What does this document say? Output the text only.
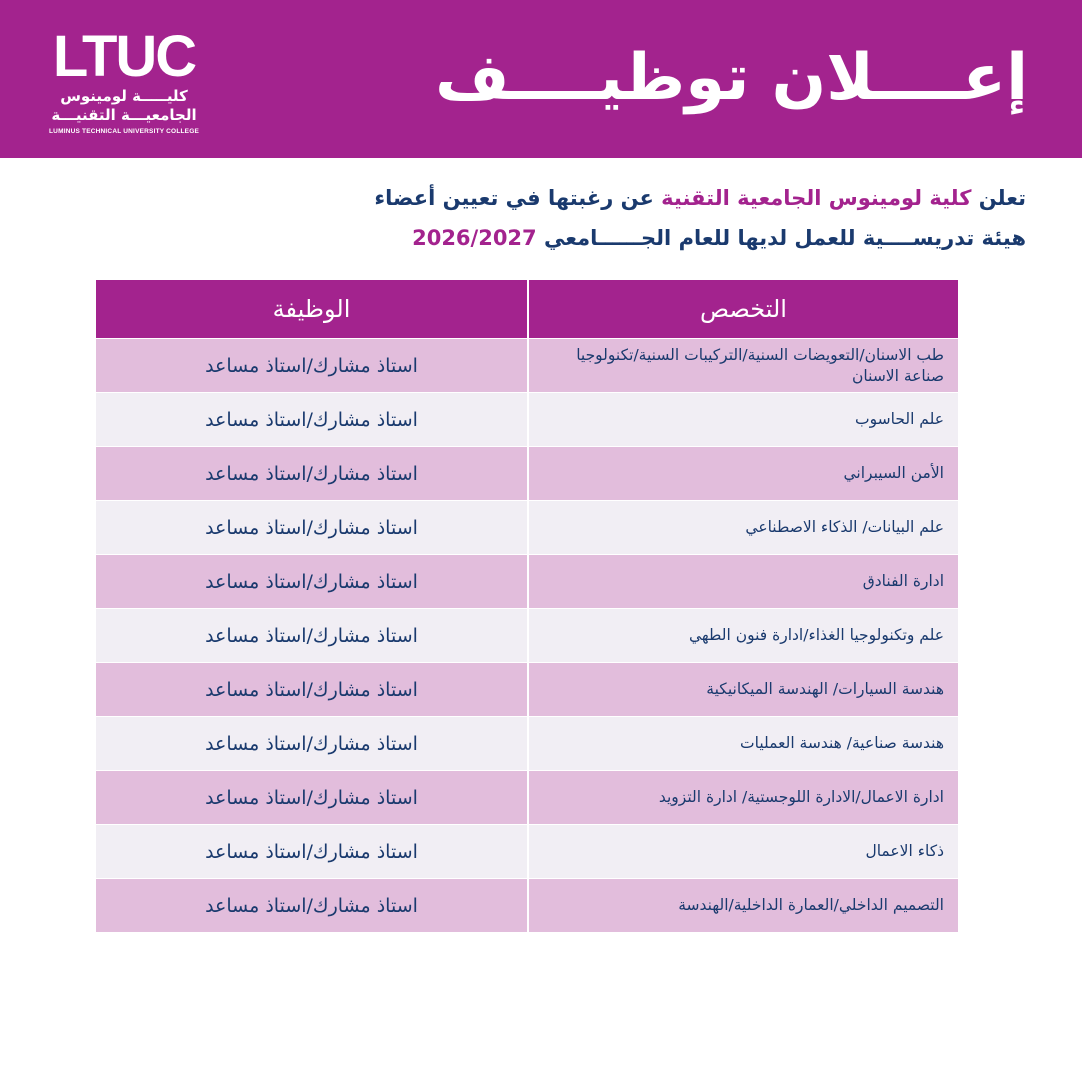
LTUC
كليـــــة لومينوس
الجامعيـــة التقنيـــة
LUMINUS TECHNICAL UNIVERSITY COLLEGE
إعــــلان توظيــــف
تعلن كلية لومينوس الجامعية التقنية عن رغبتها في تعيين أعضاء
هيئة تدريســــية للعمل لديها للعام الجــــــامعي 2026/2027
التخصص	الوظيفة
طب الاسنان/التعويضات السنية/التركيبات السنية/تكنولوجيا صناعة الاسنان	استاذ مشارك/استاذ مساعد
علم الحاسوب	استاذ مشارك/استاذ مساعد
الأمن السيبراني	استاذ مشارك/استاذ مساعد
علم البيانات/ الذكاء الاصطناعي	استاذ مشارك/استاذ مساعد
ادارة الفنادق	استاذ مشارك/استاذ مساعد
علم وتكنولوجيا الغذاء/ادارة فنون الطهي	استاذ مشارك/استاذ مساعد
هندسة السيارات/ الهندسة الميكانيكية	استاذ مشارك/استاذ مساعد
هندسة صناعية/ هندسة العمليات	استاذ مشارك/استاذ مساعد
ادارة الاعمال/الادارة اللوجستية/ ادارة التزويد	استاذ مشارك/استاذ مساعد
ذكاء الاعمال	استاذ مشارك/استاذ مساعد
التصميم الداخلي/العمارة الداخلية/الهندسة	استاذ مشارك/استاذ مساعد
